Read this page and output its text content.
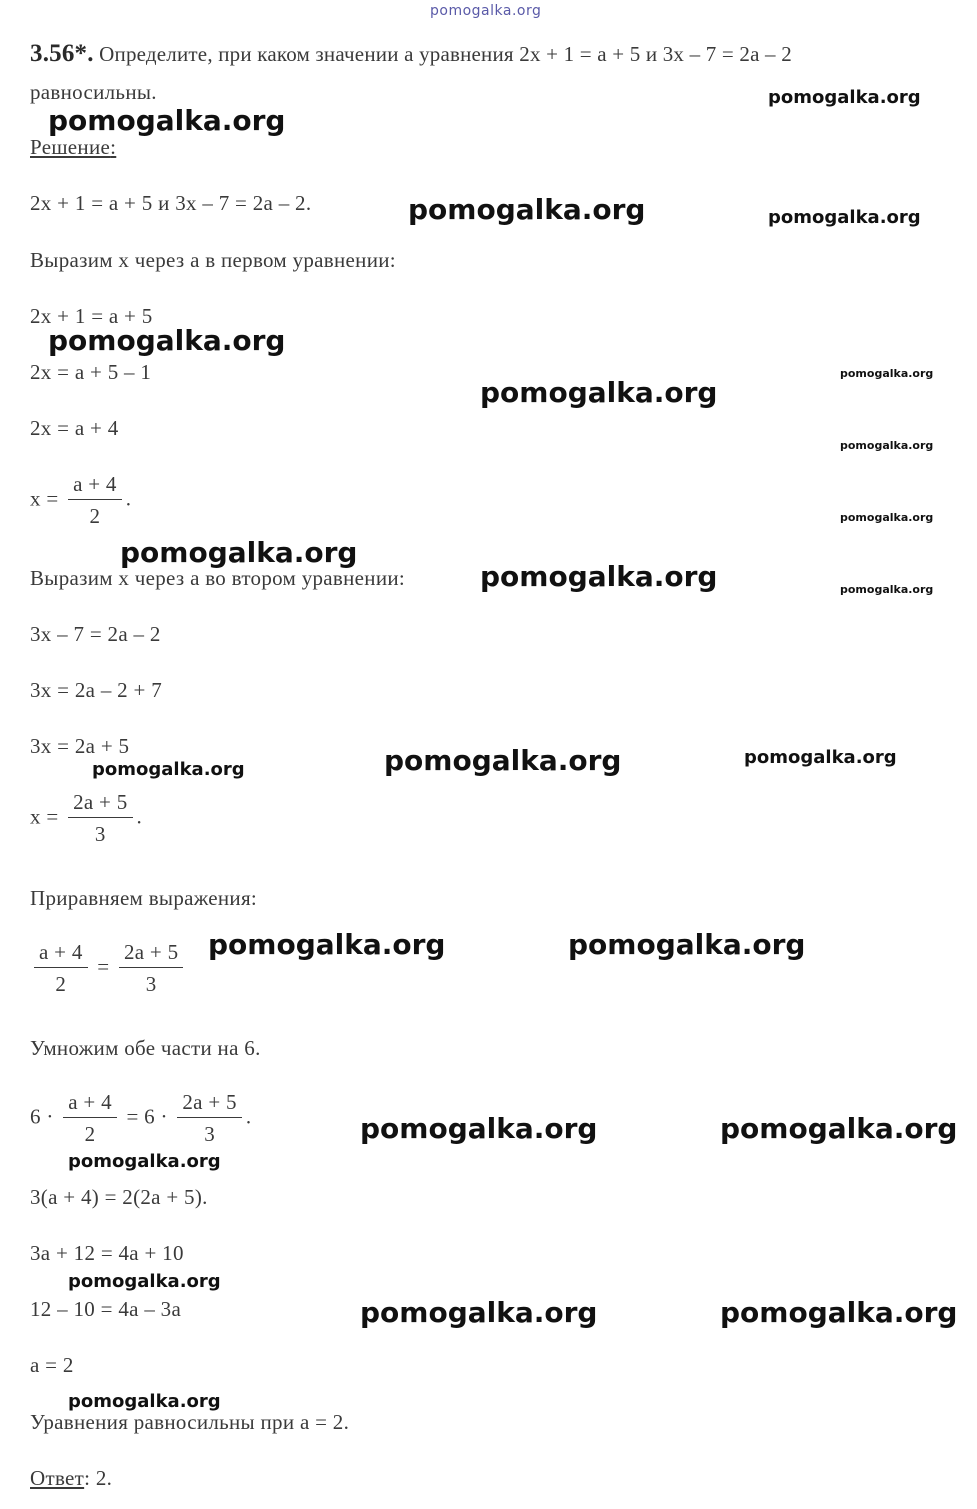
pomogalka.org
3.56*. Определите, при каком значении а уравнения 2x + 1 = a + 5 и 3x – 7 = 2a – 2
равносильны.
Решение:
2x + 1 = a + 5 и 3x – 7 = 2a – 2.
Выразим x через а в первом уравнении:
2x + 1 = a + 5
2x = a + 5 – 1
2x = a + 4
$x = \frac{a + 4}{2}$ .
Выразим x через а во втором уравнении:
3x – 7 = 2a – 2
3x = 2a – 2 + 7
3x = 2a + 5
$x = \frac{2a + 5}{3}$ .
Приравняем выражения:
$\frac{a + 4}{2} = \frac{2a + 5}{3}$
Умножим обе части на 6.
$6 \cdot \frac{a + 4}{2} = 6 \cdot \frac{2a + 5}{3}$ .
3(a + 4) = 2(2a + 5).
3a + 12 = 4a + 10
12 – 10 = 4a – 3a
a = 2
Уравнения равносильны при а = 2.
Ответ: 2.
pomogalka.org
pomogalka.org
pomogalka.org	pomogalka.org
pomogalka.org
pomogalka.org
pomogalka.org
pomogalka.org
pomogalka.org
pomogalka.org
pomogalka.org	pomogalka.org
pomogalka.org
pomogalka.org
pomogalka.org
pomogalka.org	pomogalka.org
pomogalka.org	pomogalka.org
pomogalka.org
pomogalka.org
pomogalka.org	pomogalka.org
pomogalka.org
